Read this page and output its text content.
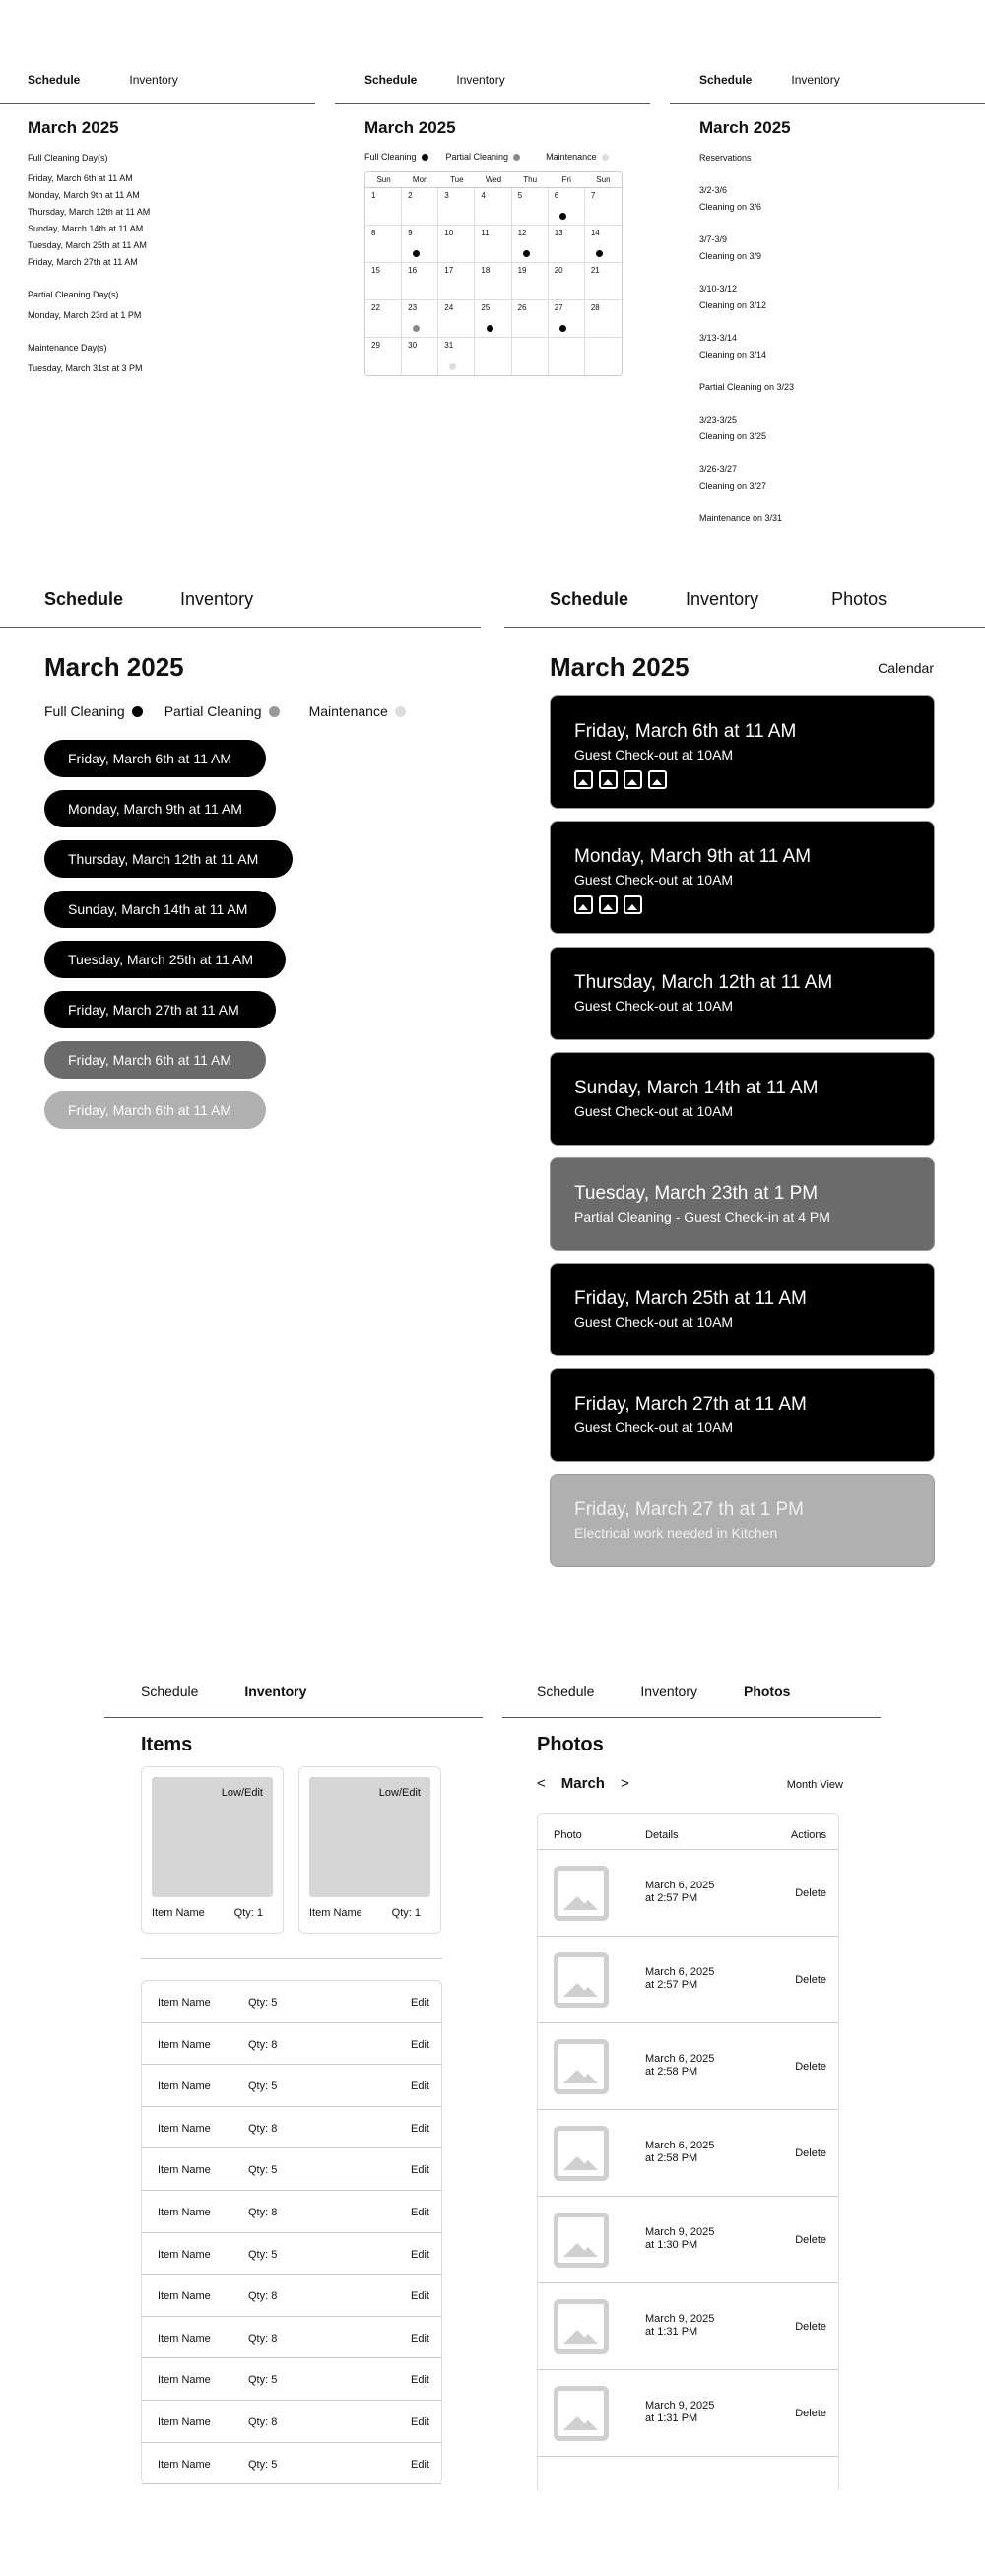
Schedule	Inventory
March 2025
Full Cleaning Day(s)
Friday, March 6th at 11 AM
Monday, March 9th at 11 AM
Thursday, March 12th at 11 AM
Sunday, March 14th at 11 AM
Tuesday, March 25th at 11 AM
Friday, March 27th at 11 AM
Partial Cleaning Day(s)
Monday, March 23rd at 1 PM
Maintenance Day(s)
Tuesday, March 31st at 3 PM
Schedule	Inventory
March 2025
Full Cleaning	Partial Cleaning	Maintenance
Sun	Mon	Tue	Wed	Thu	Fri	Sun
1	2	3	4	5	6	7
8	9	10	11	12	13	14
15	16	17	18	19	20	21
22	23	24	25	26	27	28
29	30	31
Schedule	Inventory
March 2025
Reservations
3/2-3/6
Cleaning on 3/6
3/7-3/9
Cleaning on 3/9
3/10-3/12
Cleaning on 3/12
3/13-3/14
Cleaning on 3/14
Partial Cleaning on 3/23
3/23-3/25
Cleaning on 3/25
3/26-3/27
Cleaning on 3/27
Maintenance on 3/31
Schedule	Inventory
March 2025
Full Cleaning	Partial Cleaning	Maintenance
Friday, March 6th at 11 AM
Monday, March 9th at 11 AM
Thursday, March 12th at 11 AM
Sunday, March 14th at 11 AM
Tuesday, March 25th at 11 AM
Friday, March 27th at 11 AM
Friday, March 6th at 11 AM
Friday, March 6th at 11 AM
Schedule	Inventory	Photos
March 2025	Calendar
Friday, March 6th at 11 AM
Guest Check-out at 10AM
Monday, March 9th at 11 AM
Guest Check-out at 10AM
Thursday, March 12th at 11 AM
Guest Check-out at 10AM
Sunday, March 14th at 11 AM
Guest Check-out at 10AM
Tuesday, March 23th at 1 PM
Partial Cleaning - Guest Check-in at 4 PM
Friday, March 25th at 11 AM
Guest Check-out at 10AM
Friday, March 27th at 11 AM
Guest Check-out at 10AM
Friday, March 27 th at 1 PM
Electrical work needed in Kitchen
Schedule	Inventory
Items
Low/Edit
Item Name	Qty: 1
Low/Edit
Item Name	Qty: 1
Item Name	Qty: 5	Edit
Item Name	Qty: 8	Edit
Item Name	Qty: 5	Edit
Item Name	Qty: 8	Edit
Item Name	Qty: 5	Edit
Item Name	Qty: 8	Edit
Item Name	Qty: 5	Edit
Item Name	Qty: 8	Edit
Item Name	Qty: 8	Edit
Item Name	Qty: 5	Edit
Item Name	Qty: 8	Edit
Item Name	Qty: 5	Edit
Schedule	Inventory	Photos
Photos
< March >	Month View
Photo	Details	Actions
March 6, 2025
at 2:57 PM	Delete
March 6, 2025
at 2:57 PM	Delete
March 6, 2025
at 2:58 PM	Delete
March 6, 2025
at 2:58 PM	Delete
March 9, 2025
at 1:30 PM	Delete
March 9, 2025
at 1:31 PM	Delete
March 9, 2025
at 1:31 PM	Delete
